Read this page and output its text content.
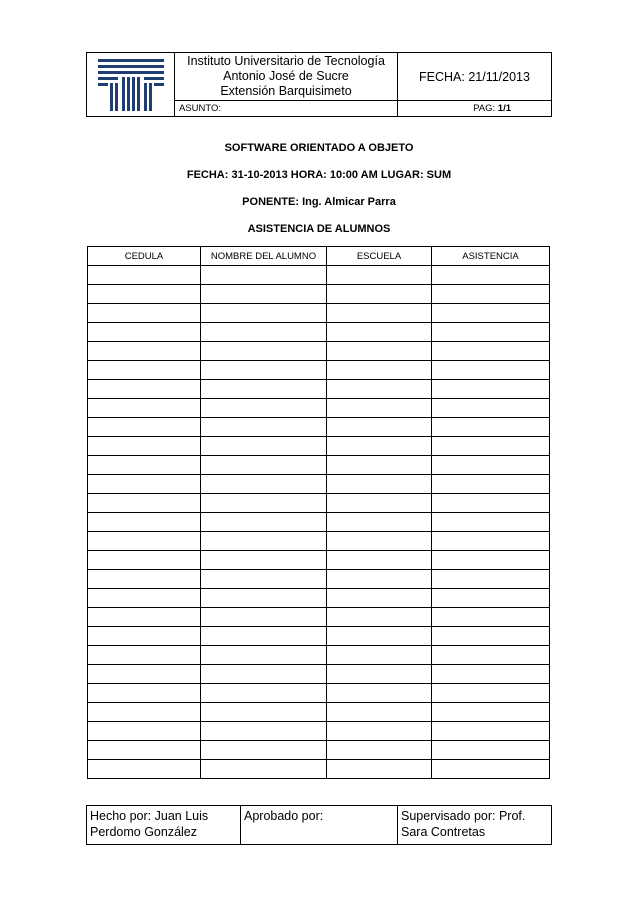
Instituto Universitario de Tecnología
Antonio José de Sucre
Extensión Barquisimeto	FECHA: 21/11/2013
	ASUNTO:	PAG: 1/1
SOFTWARE ORIENTADO A OBJETO
FECHA: 31-10-2013 HORA: 10:00 AM LUGAR: SUM
PONENTE: Ing. Almicar Parra
ASISTENCIA DE ALUMNOS
CEDULA	NOMBRE DEL ALUMNO	ESCUELA	ASISTENCIA

Hecho por: Juan Luis Perdomo González	Aprobado por:	Supervisado por: Prof. Sara Contretas
